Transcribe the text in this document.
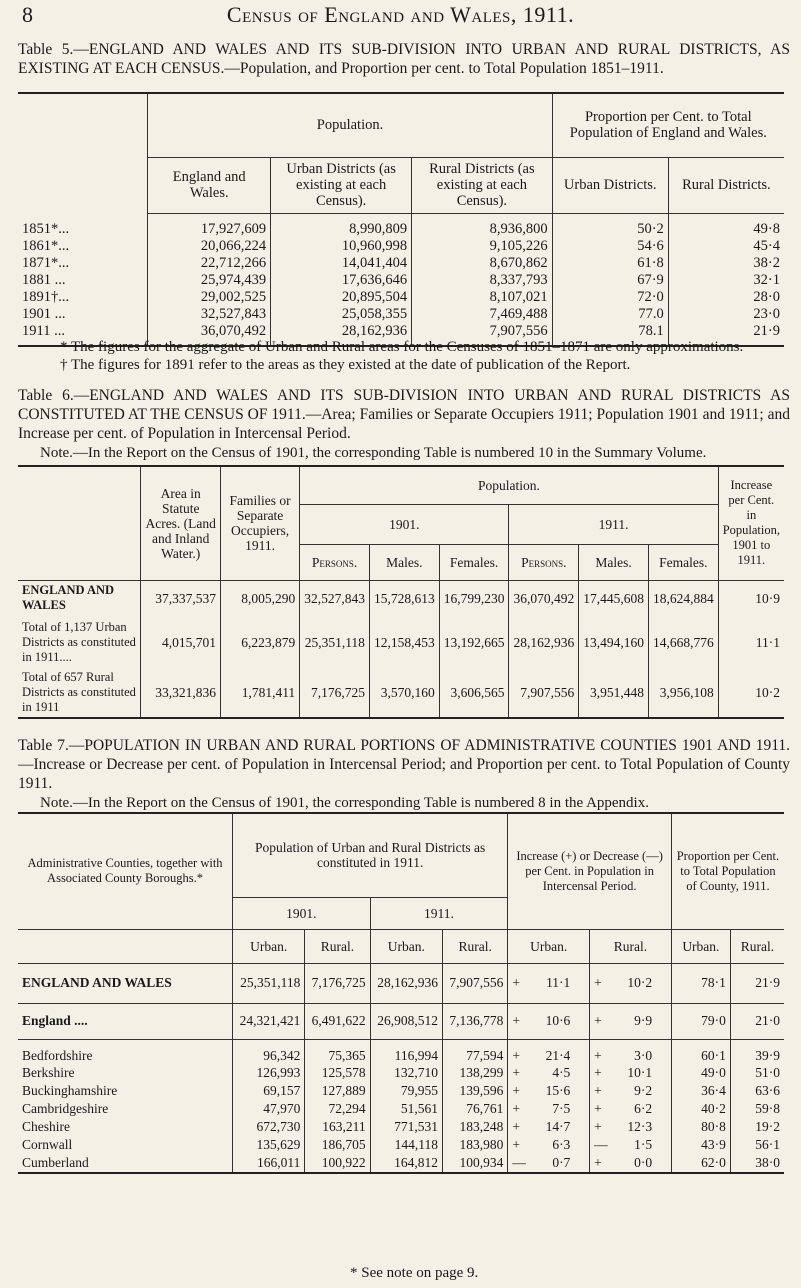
8	Census of England and Wales, 1911.
Table 5.—ENGLAND AND WALES AND ITS SUB-DIVISION INTO URBAN AND RURAL DISTRICTS, AS EXISTING AT EACH CENSUS.—Population, and Proportion per cent. to Total Population 1851–1911.
	Population.			Proportion per Cent. to Total Population of England and Wales.	
	England and Wales.	Urban Districts (as existing at each Census).	Rural Districts (as existing at each Census).	Urban Districts.	Rural Districts.

1851*...	17,927,609	8,990,809	8,936,800	50·2	49·8
1861*...	20,066,224	10,960,998	9,105,226	54·6	45·4
1871*...	22,712,266	14,041,404	8,670,862	61·8	38·2
1881 ...	25,974,439	17,636,646	8,337,793	67·9	32·1
1891†...	29,002,525	20,895,504	8,107,021	72·0	28·0
1901 ...	32,527,843	25,058,355	7,469,488	77.0	23·0
1911 ...	36,070,492	28,162,936	7,907,556	78.1	21·9

* The figures for the aggregate of Urban and Rural areas for the Censuses of 1851–1871 are only approximations.
† The figures for 1891 refer to the areas as they existed at the date of publication of the Report.
Table 6.—ENGLAND AND WALES AND ITS SUB-DIVISION INTO URBAN AND RURAL DISTRICTS AS CONSTITUTED AT THE CENSUS OF 1911.—Area; Families or Separate Occupiers 1911; Population 1901 and 1911; and Increase per cent. of Population in Intercensal Period.
Note.—In the Report on the Census of 1901, the corresponding Table is numbered 10 in the Summary Volume.
	Area in Statute Acres. (Land and Inland Water.)	Families or Separate Occupiers, 1911.	Population.						Increase per Cent. in Population, 1901 to 1911.
			1901.			1911.			
			Persons.	Males.	Females.	Persons.	Males.	Females.	
ENGLAND AND WALES	37,337,537	8,005,290	32,527,843	15,728,613	16,799,230	36,070,492	17,445,608	18,624,884	10·9
Total of 1,137 Urban Districts as constituted in 1911....	4,015,701	6,223,879	25,351,118	12,158,453	13,192,665	28,162,936	13,494,160	14,668,776	11·1
Total of 657 Rural Districts as constituted in 1911	33,321,836	1,781,411	7,176,725	3,570,160	3,606,565	7,907,556	3,951,448	3,956,108	10·2
Table 7.—POPULATION IN URBAN AND RURAL PORTIONS OF ADMINISTRATIVE COUNTIES 1901 AND 1911.—Increase or Decrease per cent. of Population in Intercensal Period; and Proportion per cent. to Total Population of County 1911.
Note.—In the Report on the Census of 1901, the corresponding Table is numbered 8 in the Appendix.
Administrative Counties, together with Associated County Boroughs.*	Population of Urban and Rural Districts as constituted in 1911.				Increase (+) or Decrease (—) per Cent. in Population in Intercensal Period.		Proportion per Cent. to Total Population of County, 1911.	
	1901.		1911.					
	Urban.	Rural.	Urban.	Rural.	Urban.	Rural.	Urban.	Rural.
ENGLAND AND WALES	25,351,118	7,176,725	28,162,936	7,907,556	+ 11·1	+ 10·2	78·1	21·9
England ....	24,321,421	6,491,622	26,908,512	7,136,778	+ 10·6	+ 9·9	79·0	21·0
Bedfordshire	96,342	75,365	116,994	77,594	+ 21·4	+ 3·0	60·1	39·9
Berkshire	126,993	125,578	132,710	138,299	+ 4·5	+ 10·1	49·0	51·0
Buckinghamshire	69,157	127,889	79,955	139,596	+ 15·6	+ 9·2	36·4	63·6
Cambridgeshire	47,970	72,294	51,561	76,761	+ 7·5	+ 6·2	40·2	59·8
Cheshire	672,730	163,211	771,531	183,248	+ 14·7	+ 12·3	80·8	19·2
Cornwall	135,629	186,705	144,118	183,980	+ 6·3	— 1·5	43·9	56·1
Cumberland	166,011	100,922	164,812	100,934	— 0·7	+ 0·0	62·0	38·0

* See note on page 9.
